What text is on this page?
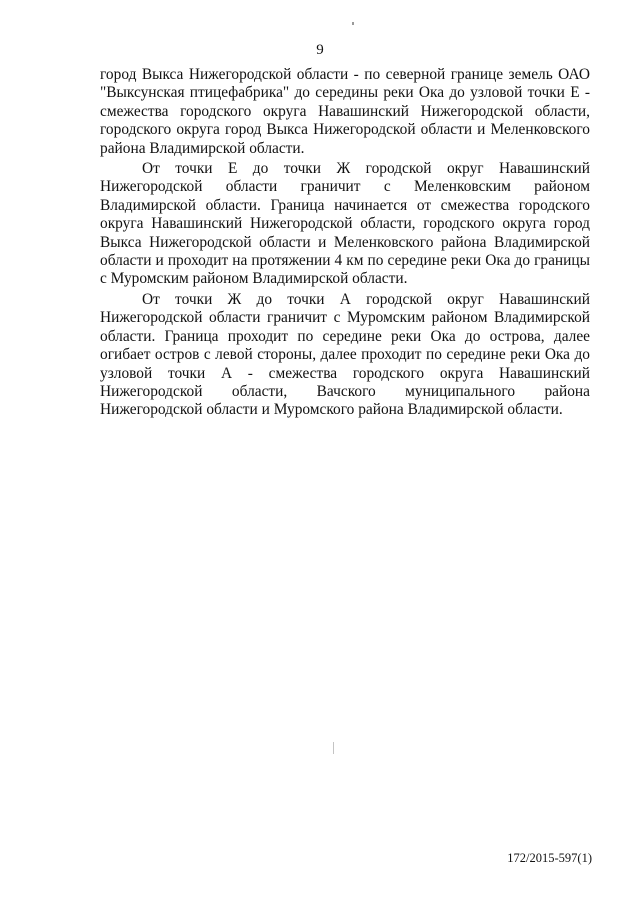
9

город Выкса Нижегородской области - по северной границе земель ОАО "Выксунская птицефабрика" до середины реки Ока до узловой точки Е - смежества городского округа Навашинский Нижегородской области, городского округа город Выкса Нижегородской области и Меленковского района Владимирской области.

От точки Е до точки Ж городской округ Навашинский Нижегородской области граничит с Меленковским районом Владимирской области. Граница начинается от смежества городского округа Навашинский Нижегородской области, городского округа город Выкса Нижегородской области и Меленковского района Владимирской области и проходит на протяжении 4 км по середине реки Ока до границы с Муромским районом Владимирской области.

От точки Ж до точки А городской округ Навашинский Нижегородской области граничит с Муромским районом Владимирской области. Граница проходит по середине реки Ока до острова, далее огибает остров с левой стороны, далее проходит по середине реки Ока до узловой точки А - смежества городского округа Навашинский Нижегородской области, Вачского муниципального района Нижегородской области и Муромского района Владимирской области.

172/2015-597(1)
